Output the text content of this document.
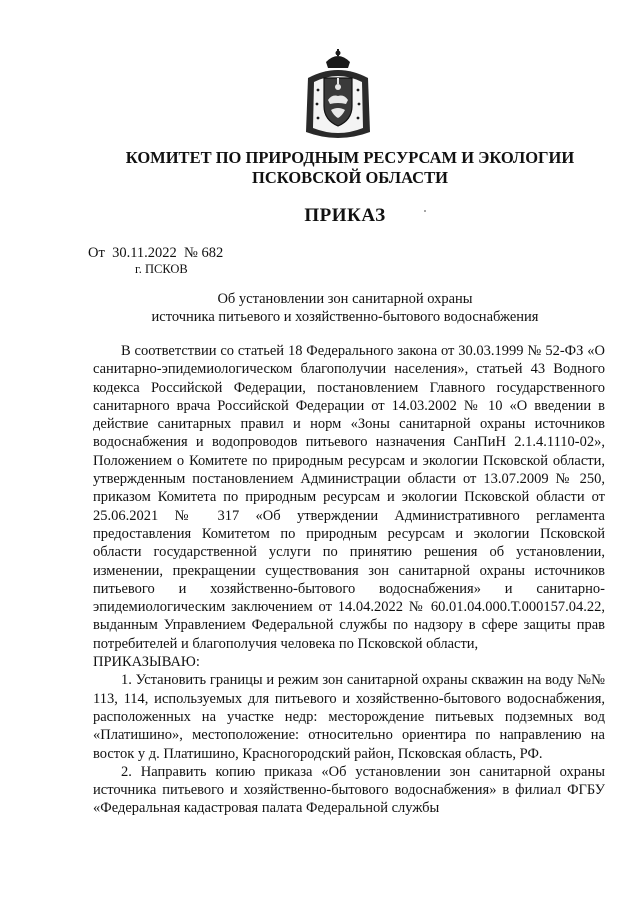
КОМИТЕТ ПО ПРИРОДНЫМ РЕСУРСАМ И ЭКОЛОГИИ
ПСКОВСКОЙ ОБЛАСТИ
ПРИКАЗ
От 30.11.2022 № 682
г. ПСКОВ
Об установлении зон санитарной охраны
источника питьевого и хозяйственно-бытового водоснабжения

В соответствии со статьей 18 Федерального закона от 30.03.1999 № 52-ФЗ «О санитарно-эпидемиологическом благополучии населения», статьей 43 Водного кодекса Российской Федерации, постановлением Главного государственного санитарного врача Российской Федерации от 14.03.2002 № 10 «О введении в действие санитарных правил и норм «Зоны санитарной охраны источников водоснабжения и водопроводов питьевого назначения СанПиН 2.1.4.1110-02», Положением о Комитете по природным ресурсам и экологии Псковской области, утвержденным постановлением Администрации области от 13.07.2009 № 250, приказом Комитета по природным ресурсам и экологии Псковской области от 25.06.2021 № 317 «Об утверждении Административного регламента предоставления Комитетом по природным ресурсам и экологии Псковской области государственной услуги по принятию решения об установлении, изменении, прекращении существования зон санитарной охраны источников питьевого и хозяйственно-бытового водоснабжения» и санитарно-эпидемиологическим заключением от 14.04.2022 № 60.01.04.000.Т.000157.04.22, выданным Управлением Федеральной службы по надзору в сфере защиты прав потребителей и благополучия человека по Псковской области,

ПРИКАЗЫВАЮ:

1. Установить границы и режим зон санитарной охраны скважин на воду №№ 113, 114, используемых для питьевого и хозяйственно-бытового водоснабжения, расположенных на участке недр: месторождение питьевых подземных вод «Платишино», местоположение: относительно ориентира по направлению на восток у д. Платишино, Красногородский район, Псковская область, РФ.

2. Направить копию приказа «Об установлении зон санитарной охраны источника питьевого и хозяйственно-бытового водоснабжения» в филиал ФГБУ «Федеральная кадастровая палата Федеральной службы
